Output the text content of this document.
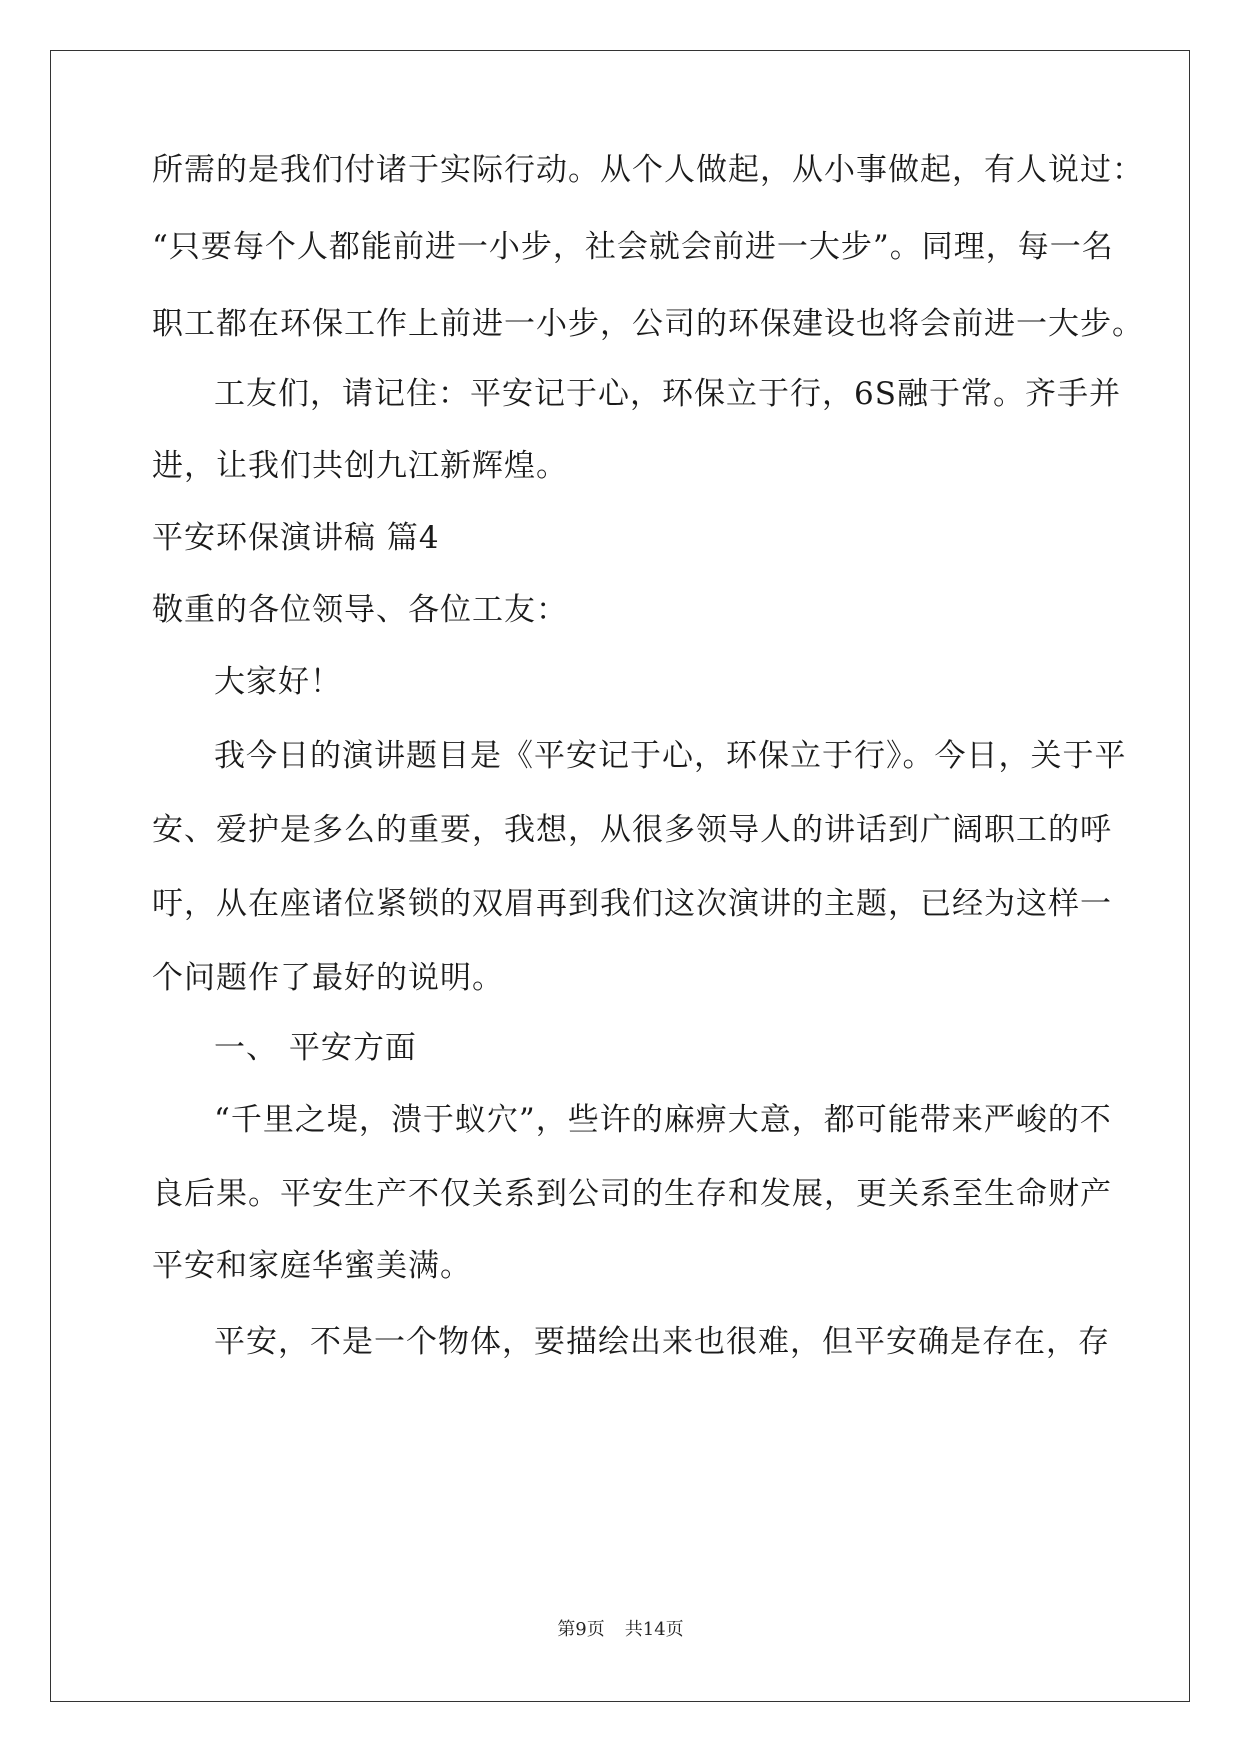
所需的是我们付诸于实际行动。从个人做起，从小事做起，有人说过：
“只要每个人都能前进一小步，社会就会前进一大步”。同理，每一名
职工都在环保工作上前进一小步，公司的环保建设也将会前进一大步。
工友们，请记住：平安记于心，环保立于行，6S融于常。齐手并
进，让我们共创九江新辉煌。
平安环保演讲稿 篇4
敬重的各位领导、各位工友：
大家好！
我今日的演讲题目是《平安记于心，环保立于行》。今日，关于平
安、爱护是多么的重要，我想，从很多领导人的讲话到广阔职工的呼
吁，从在座诸位紧锁的双眉再到我们这次演讲的主题，已经为这样一
个问题作了最好的说明。
一、 平安方面
“千里之堤，溃于蚁穴”，些许的麻痹大意，都可能带来严峻的不
良后果。平安生产不仅关系到公司的生存和发展，更关系至生命财产
平安和家庭华蜜美满。
平安，不是一个物体，要描绘出来也很难，但平安确是存在，存
第9页 共14页
